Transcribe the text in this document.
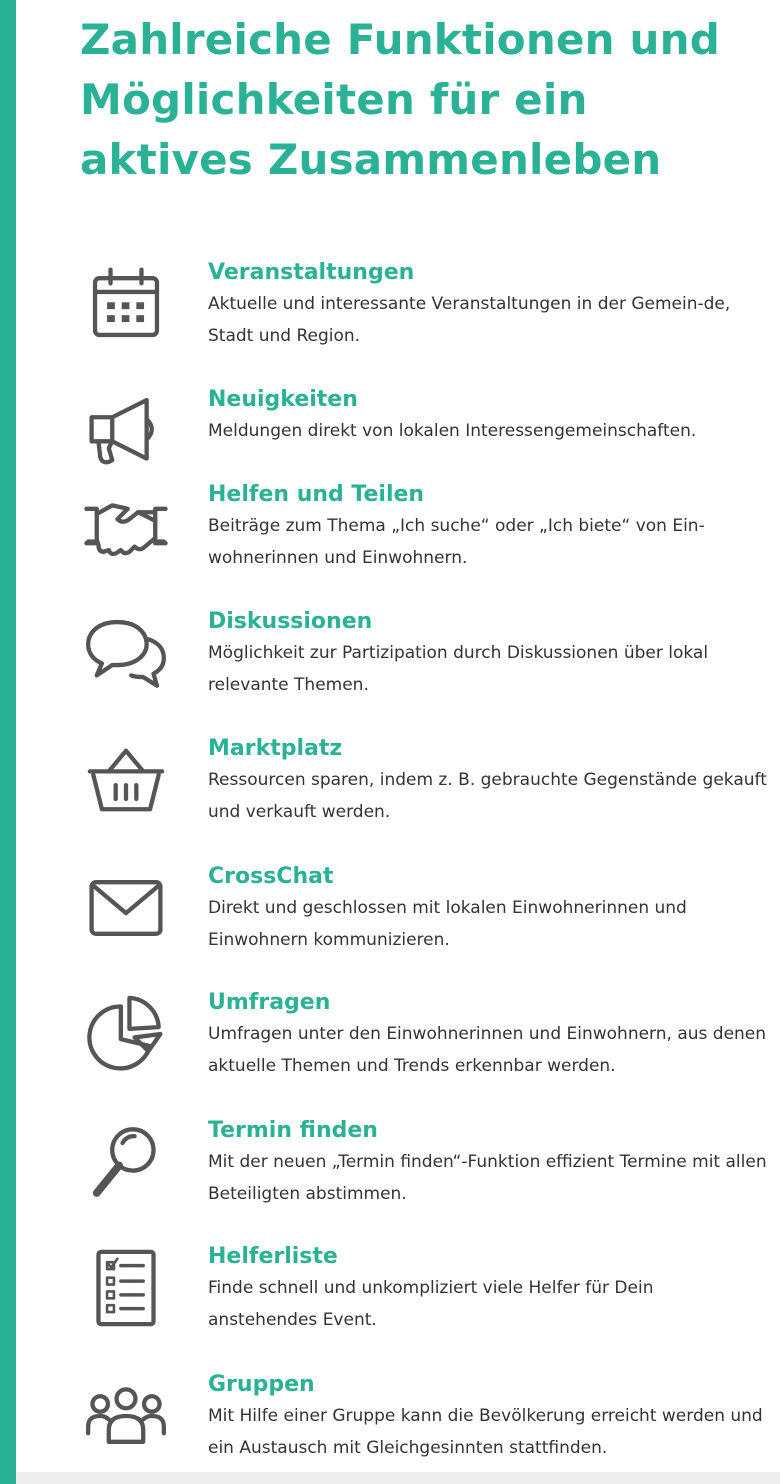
Zahlreiche Funktionen und Möglichkeiten für ein aktives Zusammenleben

Veranstaltungen

Aktuelle und interessante Veranstaltungen in der Gemein-de, Stadt und Region.

Neuigkeiten

Meldungen direkt von lokalen Interessengemeinschaften.

Helfen und Teilen

Beiträge zum Thema „Ich suche“ oder „Ich biete“ von Ein-wohnerinnen und Einwohnern.

Diskussionen

Möglichkeit zur Partizipation durch Diskussionen über lokal relevante Themen.

Marktplatz

Ressourcen sparen, indem z. B. gebrauchte Gegenstände gekauft und verkauft werden.

CrossChat

Direkt und geschlossen mit lokalen Einwohnerinnen und Einwohnern kommunizieren.

Umfragen

Umfragen unter den Einwohnerinnen und Einwohnern, aus denen aktuelle Themen und Trends erkennbar werden.

Termin finden

Mit der neuen „Termin finden“-Funktion effizient Termine mit allen Beteiligten abstimmen.

Helferliste

Finde schnell und unkompliziert viele Helfer für Dein anstehendes Event.

Gruppen

Mit Hilfe einer Gruppe kann die Bevölkerung erreicht werden und ein Austausch mit Gleichgesinnten stattfinden.
